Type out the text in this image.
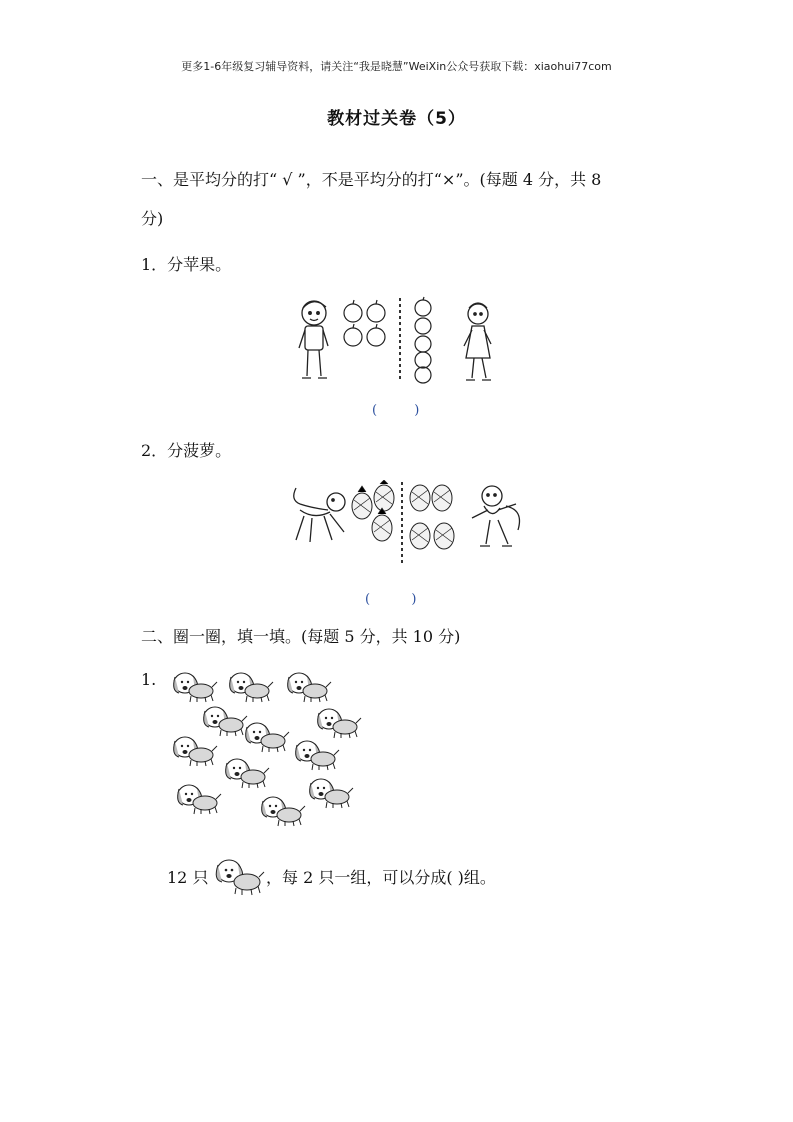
更多1-6年级复习辅导资料，请关注“我是晓慧”WeiXin公众号获取下载：xiaohui77com
教材过关卷（5）
一、是平均分的打“ √ ”，不是平均分的打“×”。(每题 4 分，共 8
分)
1．分苹果。
(         )
2．分菠萝。
(          )
二、圈一圈，填一填。(每题 5 分，共 10 分)
1.
12 只	，每 2 只一组，可以分成( )组。
